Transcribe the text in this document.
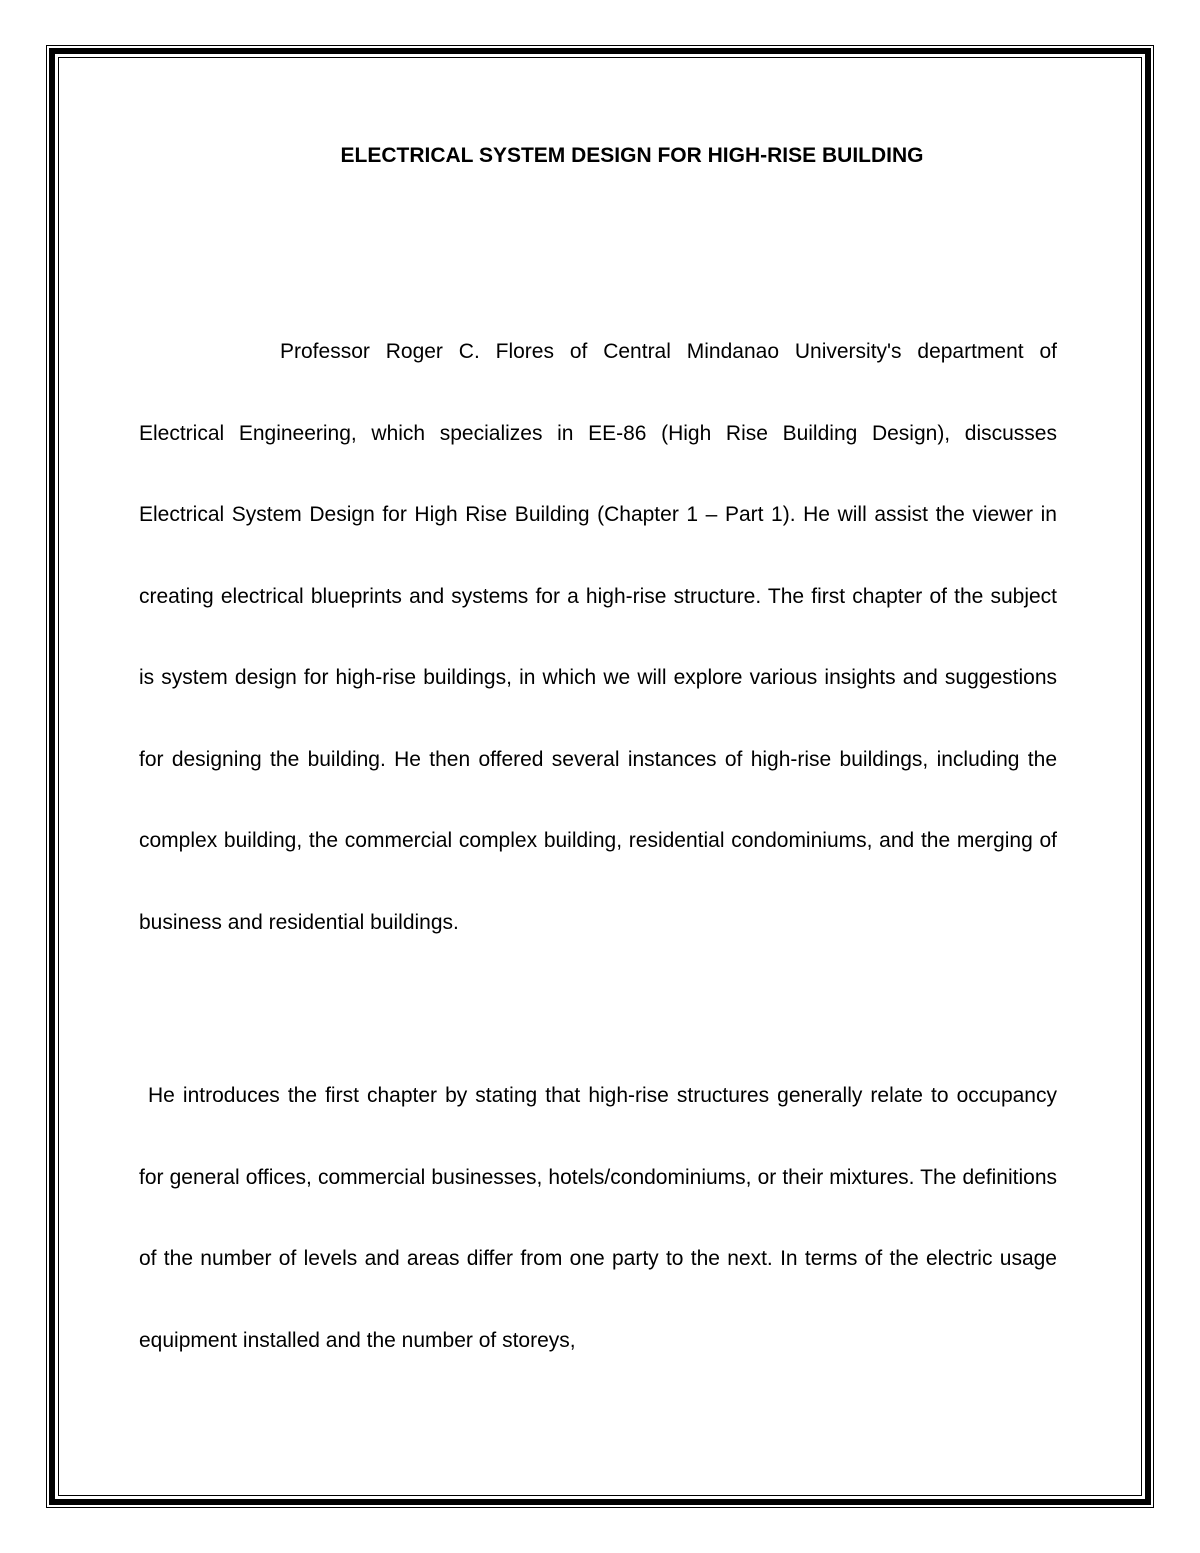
ELECTRICAL SYSTEM DESIGN FOR HIGH-RISE BUILDING

Professor Roger C. Flores of Central Mindanao University's department of Electrical Engineering, which specializes in EE-86 (High Rise Building Design), discusses Electrical System Design for High Rise Building (Chapter 1 – Part 1). He will assist the viewer in creating electrical blueprints and systems for a high-rise structure. The first chapter of the subject is system design for high-rise buildings, in which we will explore various insights and suggestions for designing the building. He then offered several instances of high-rise buildings, including the complex building, the commercial complex building, residential condominiums, and the merging of business and residential buildings.

He introduces the first chapter by stating that high-rise structures generally relate to occupancy for general offices, commercial businesses, hotels/condominiums, or their mixtures. The definitions of the number of levels and areas differ from one party to the next. In terms of the electric usage equipment installed and the number of storeys,
